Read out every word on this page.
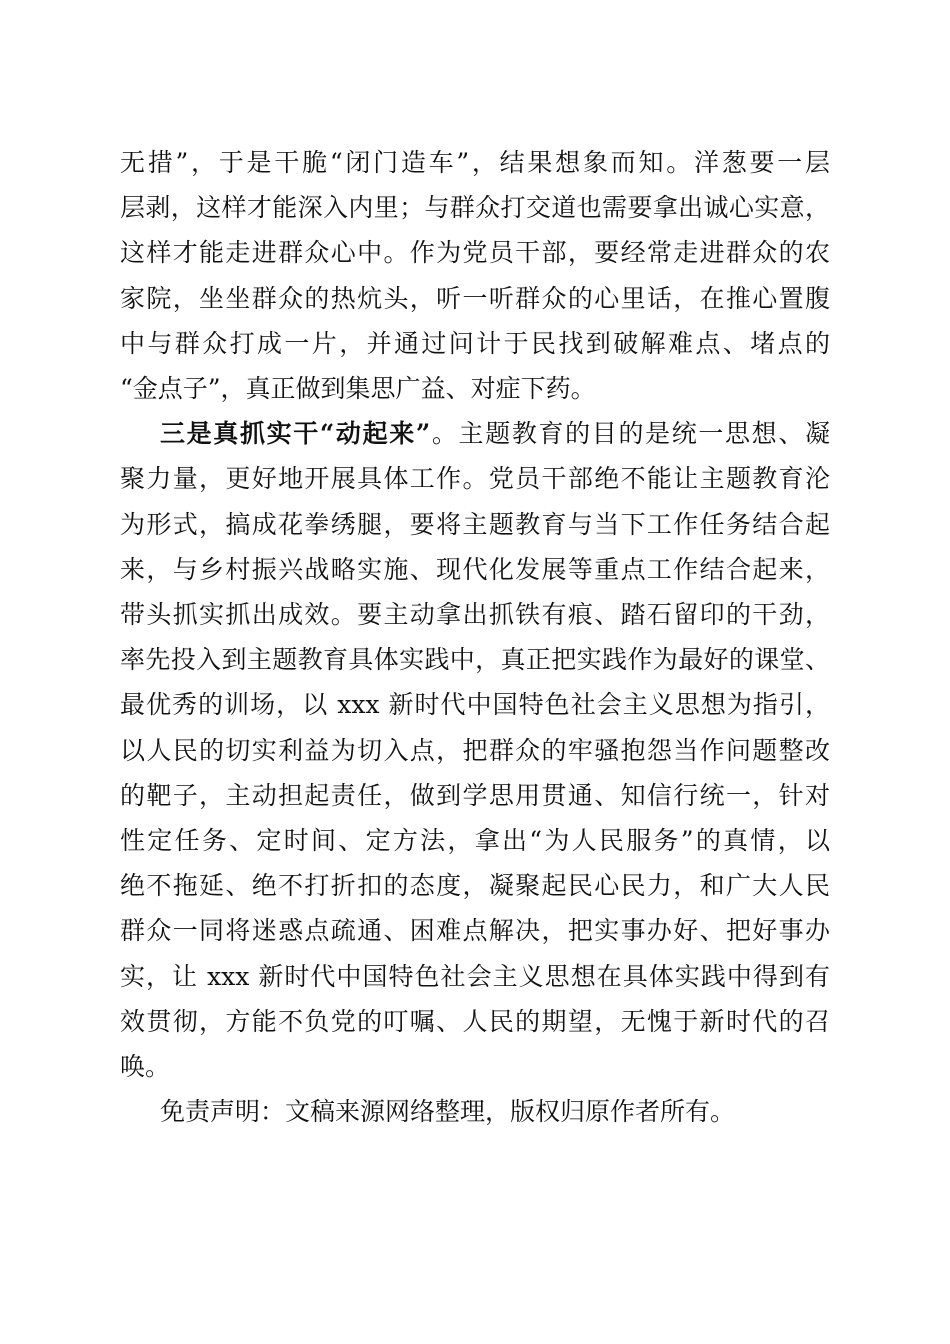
无措”，于是干脆“闭门造车”，结果想象而知。洋葱要一层
层剥，这样才能深入内里；与群众打交道也需要拿出诚心实意，
这样才能走进群众心中。作为党员干部，要经常走进群众的农
家院，坐坐群众的热炕头，听一听群众的心里话，在推心置腹
中与群众打成一片，并通过问计于民找到破解难点、堵点的
“金点子”，真正做到集思广益、对症下药。
三是真抓实干“动起来”。主题教育的目的是统一思想、凝
聚力量，更好地开展具体工作。党员干部绝不能让主题教育沦
为形式，搞成花拳绣腿，要将主题教育与当下工作任务结合起
来，与乡村振兴战略实施、现代化发展等重点工作结合起来，
带头抓实抓出成效。要主动拿出抓铁有痕、踏石留印的干劲，
率先投入到主题教育具体实践中，真正把实践作为最好的课堂、
最优秀的训场，以 xxx 新时代中国特色社会主义思想为指引，
以人民的切实利益为切入点，把群众的牢骚抱怨当作问题整改
的靶子，主动担起责任，做到学思用贯通、知信行统一，针对
性定任务、定时间、定方法，拿出“为人民服务”的真情，以
绝不拖延、绝不打折扣的态度，凝聚起民心民力，和广大人民
群众一同将迷惑点疏通、困难点解决，把实事办好、把好事办
实，让 xxx 新时代中国特色社会主义思想在具体实践中得到有
效贯彻，方能不负党的叮嘱、人民的期望，无愧于新时代的召
唤。
免责声明：文稿来源网络整理，版权归原作者所有。
